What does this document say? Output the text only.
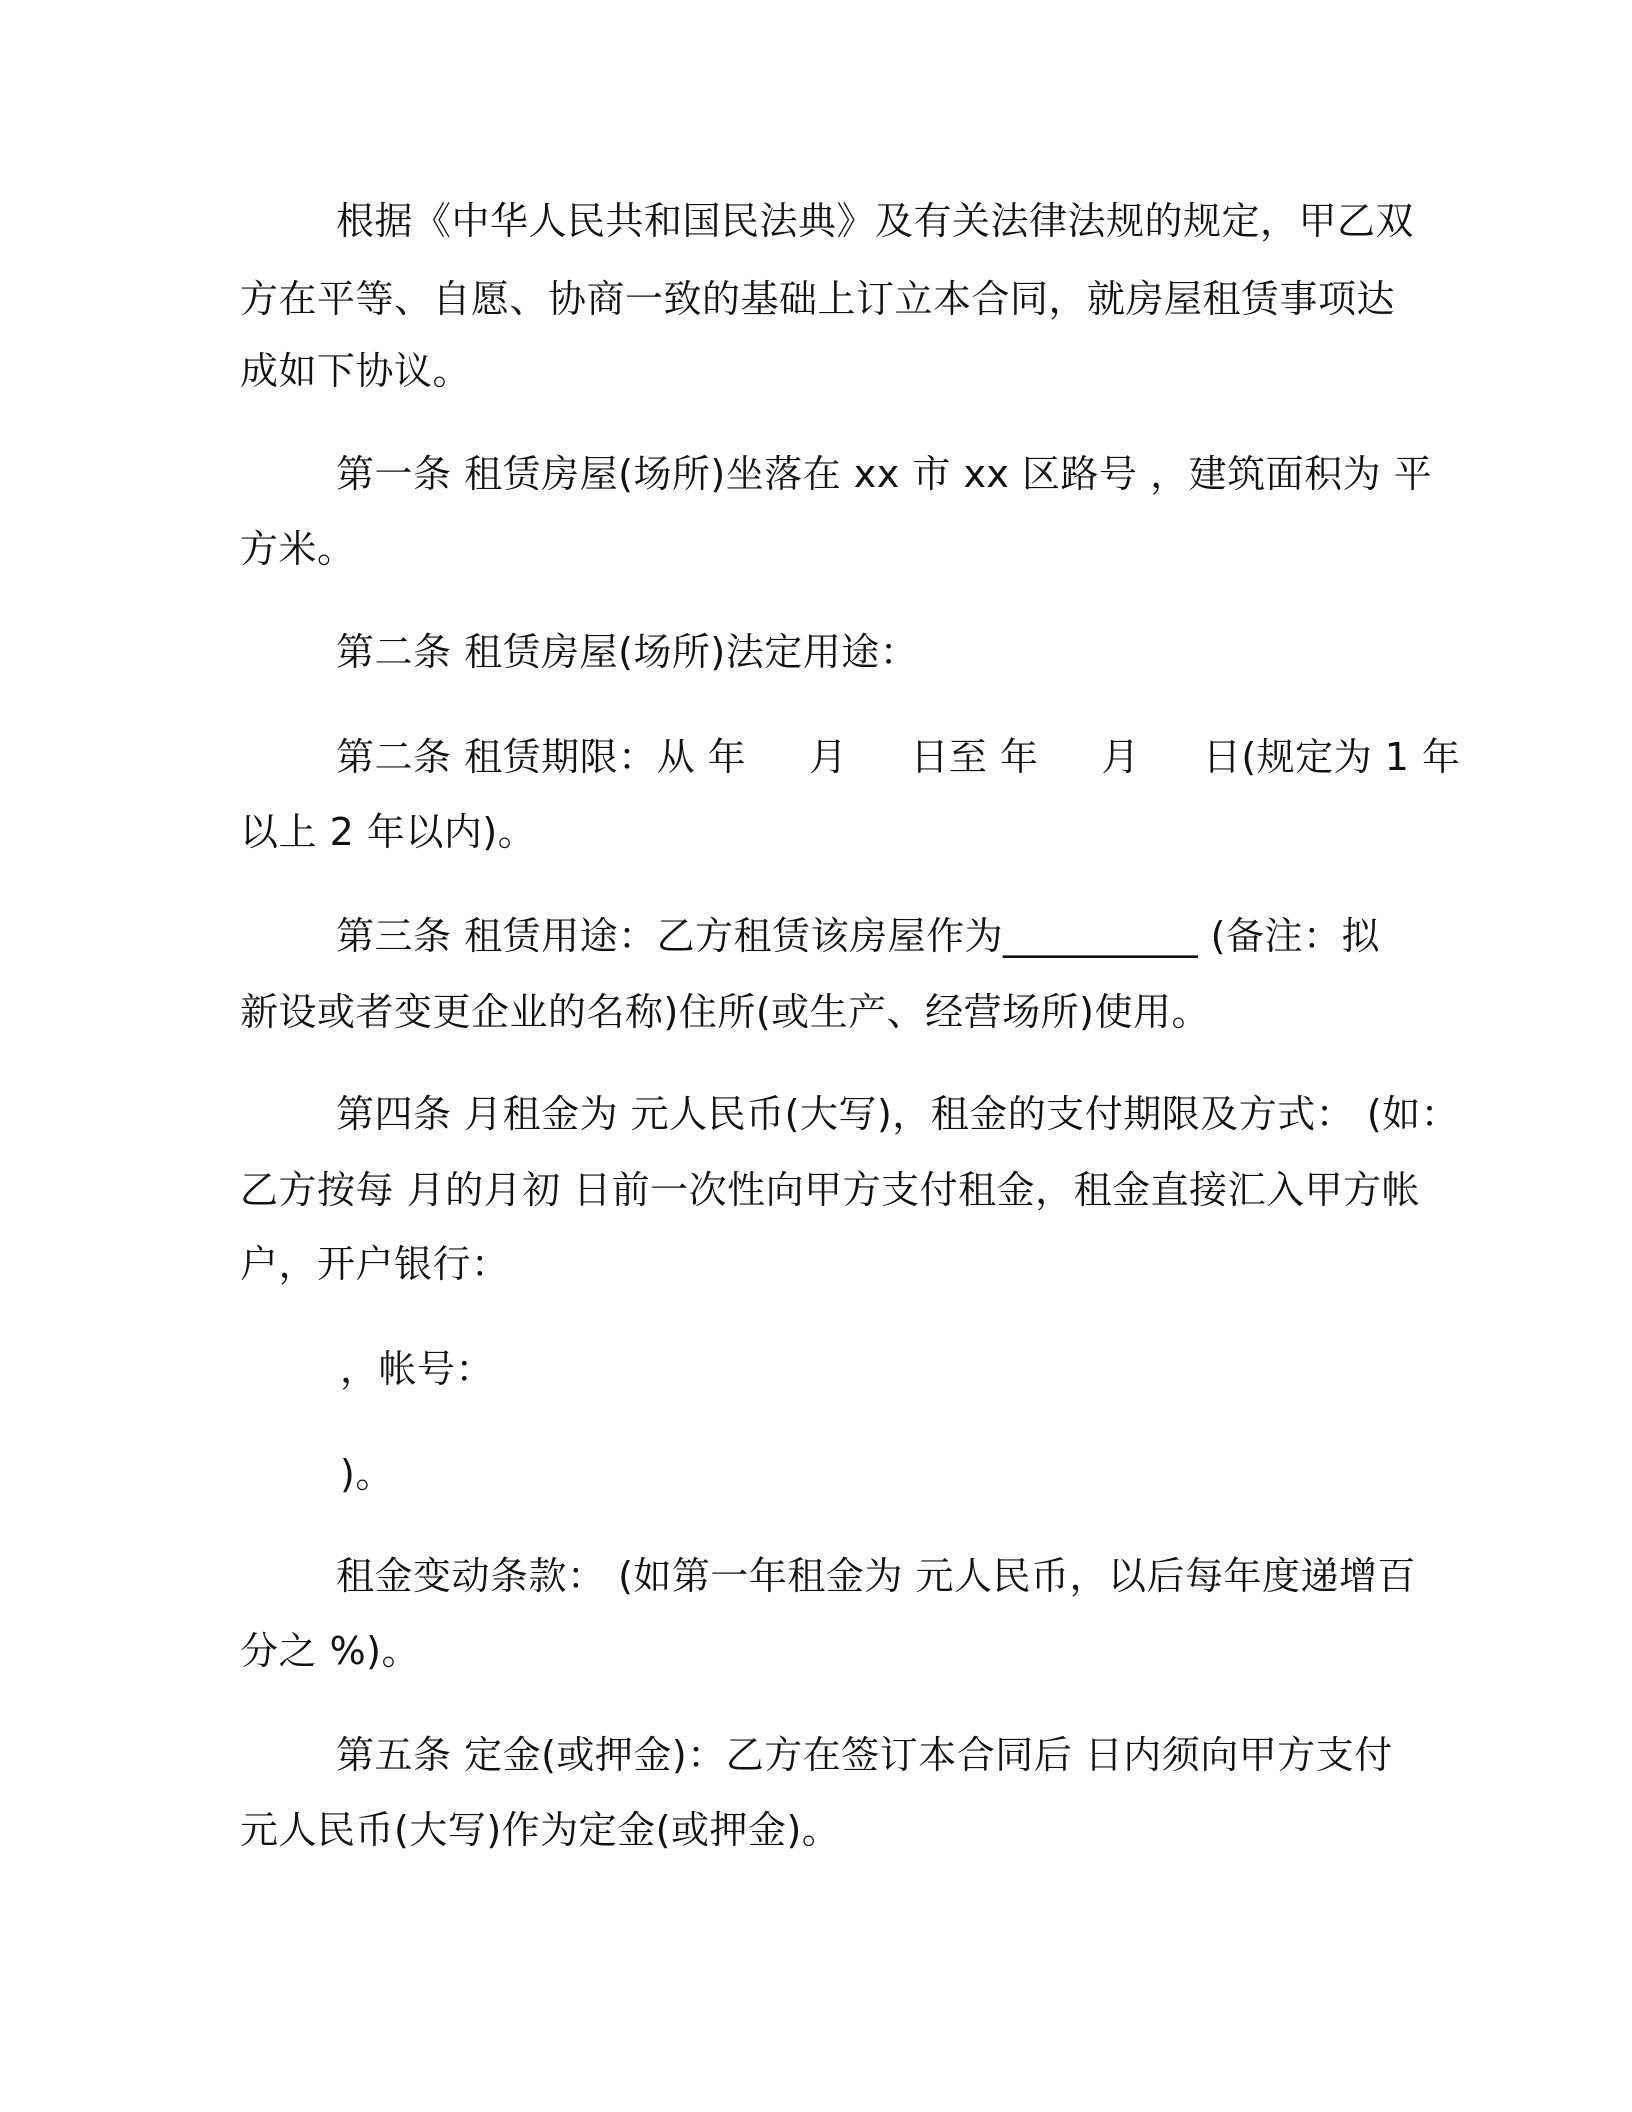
根据《中华人民共和国民法典》及有关法律法规的规定，甲乙双
方在平等、自愿、协商一致的基础上订立本合同，就房屋租赁事项达
成如下协议。
第一条 租赁房屋(场所)坐落在 xx 市 xx 区路号 ，建筑面积为 平
方米。
第二条 租赁房屋(场所)法定用途：
第二条 租赁期限：从 年     月     日至 年     月     日(规定为 1 年
以上 2 年以内)。
第三条 租赁用途：乙方租赁该房屋作为__________ (备注：拟
新设或者变更企业的名称)住所(或生产、经营场所)使用。
第四条 月租金为 元人民币(大写)，租金的支付期限及方式： (如：
乙方按每 月的月初 日前一次性向甲方支付租金，租金直接汇入甲方帐
户，开户银行：
，帐号：
)。
租金变动条款： (如第一年租金为 元人民币，以后每年度递增百
分之 %)。
第五条 定金(或押金)：乙方在签订本合同后 日内须向甲方支付
元人民币(大写)作为定金(或押金)。
